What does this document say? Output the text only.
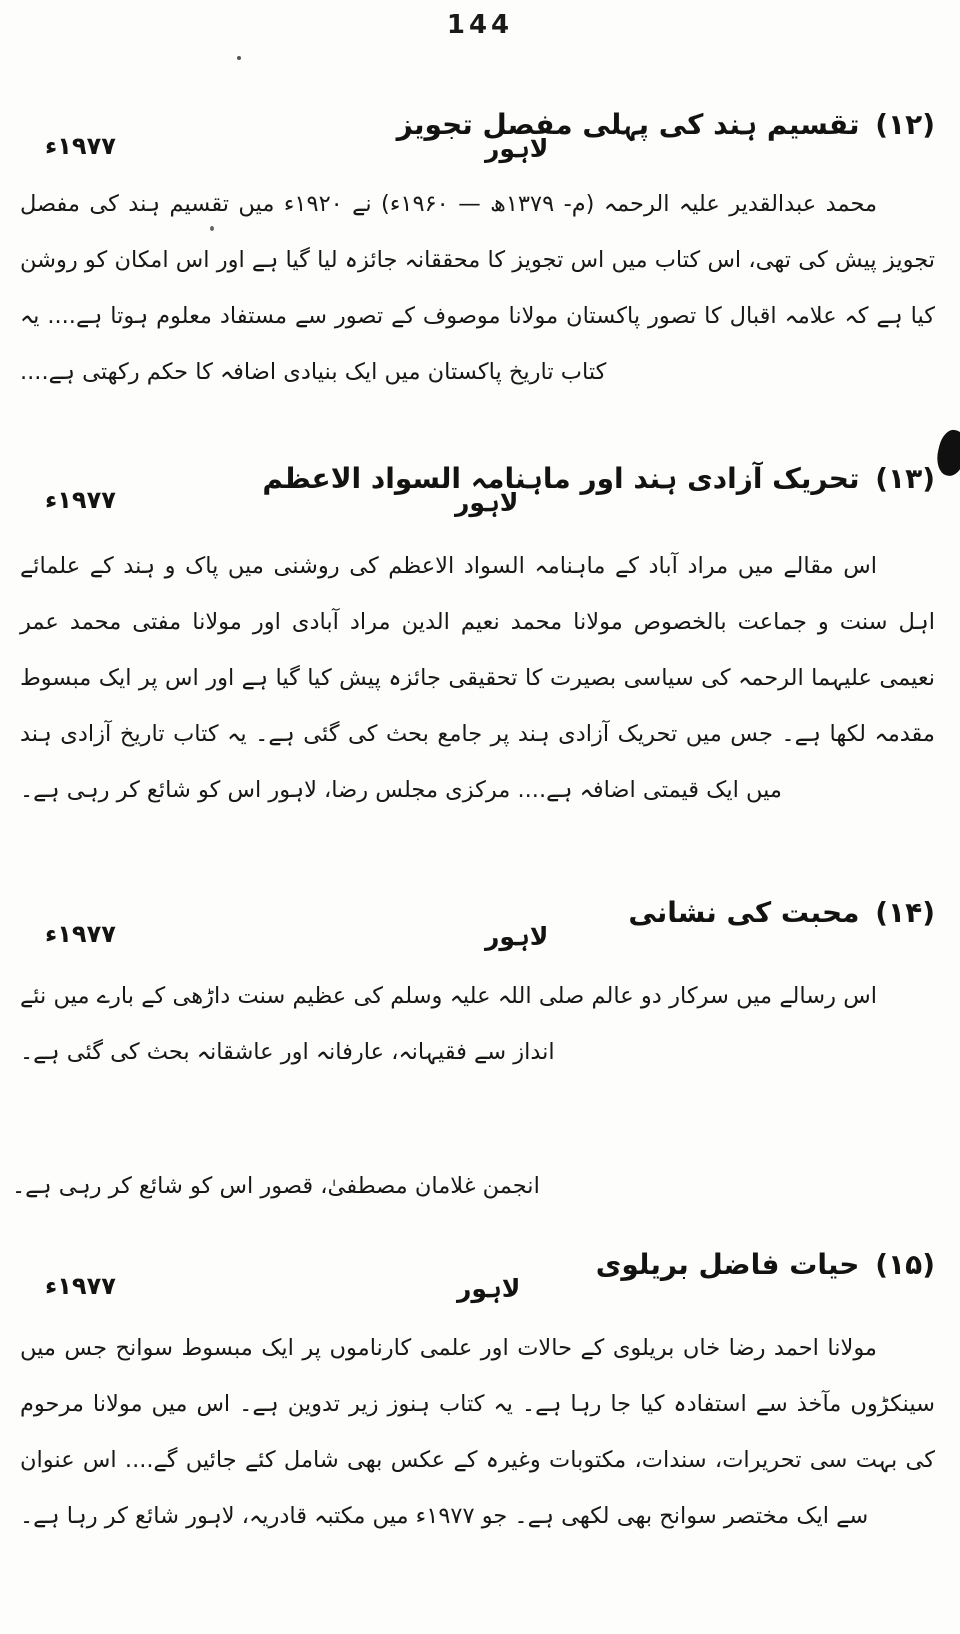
144
(۱۲) تقسیم ہند کی پہلی مفصل تجویز
لاہور
۱۹۷۷ء
محمد عبدالقدیر علیہ الرحمہ (م- ۱۳۷۹ھ — ۱۹۶۰ء) نے ۱۹۲۰ء میں تقسیم ہند کی مفصل تجویز پیش کی تھی، اس کتاب میں اس تجویز کا محققانہ جائزہ لیا گیا ہے اور اس امکان کو روشن کیا ہے کہ علامہ اقبال کا تصور پاکستان مولانا موصوف کے تصور سے مستفاد معلوم ہوتا ہے.... یہ کتاب تاریخ پاکستان میں ایک بنیادی اضافہ کا حکم رکھتی ہے....
(۱۳) تحریک آزادی ہند اور ماہنامہ السواد الاعظم
لاہور
۱۹۷۷ء
اس مقالے میں مراد آباد کے ماہنامہ السواد الاعظم کی روشنی میں پاک و ہند کے علمائے اہل سنت و جماعت بالخصوص مولانا محمد نعیم الدین مراد آبادی اور مولانا مفتی محمد عمر نعیمی علیہما الرحمہ کی سیاسی بصیرت کا تحقیقی جائزہ پیش کیا گیا ہے اور اس پر ایک مبسوط مقدمہ لکھا ہے۔ جس میں تحریک آزادی ہند پر جامع بحث کی گئی ہے۔ یہ کتاب تاریخ آزادی ہند میں ایک قیمتی اضافہ ہے.... مرکزی مجلس رضا، لاہور اس کو شائع کر رہی ہے۔
(۱۴) محبت کی نشانی
لاہور
۱۹۷۷ء
اس رسالے میں سرکار دو عالم صلی اللہ علیہ وسلم کی عظیم سنت داڑھی کے بارے میں نئے انداز سے فقیہانہ، عارفانہ اور عاشقانہ بحث کی گئی ہے۔
انجمن غلامان مصطفیٰ، قصور اس کو شائع کر رہی ہے۔
(۱۵) حیات فاضل بریلوی
لاہور
۱۹۷۷ء
مولانا احمد رضا خاں بریلوی کے حالات اور علمی کارناموں پر ایک مبسوط سوانح جس میں سینکڑوں مآخذ سے استفادہ کیا جا رہا ہے۔ یہ کتاب ہنوز زیر تدوین ہے۔ اس میں مولانا مرحوم کی بہت سی تحریرات، سندات، مکتوبات وغیرہ کے عکس بھی شامل کئے جائیں گے.... اس عنوان سے ایک مختصر سوانح بھی لکھی ہے۔ جو ۱۹۷۷ء میں مکتبہ قادریہ، لاہور شائع کر رہا ہے۔
